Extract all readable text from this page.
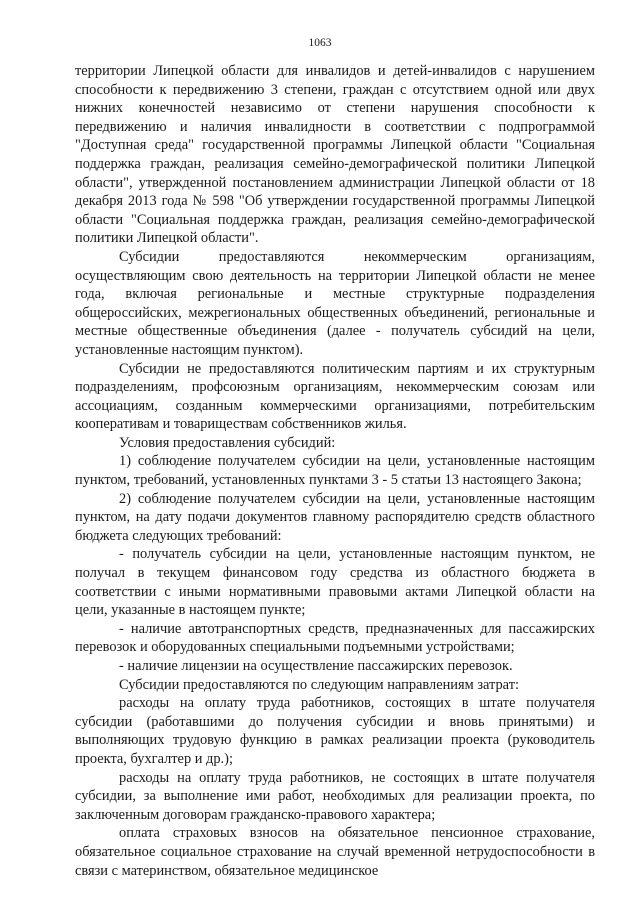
1063

территории Липецкой области для инвалидов и детей-инвалидов с нарушением способности к передвижению 3 степени, граждан с отсутствием одной или двух нижних конечностей независимо от степени нарушения способности к передвижению и наличия инвалидности в соответствии с подпрограммой "Доступная среда" государственной программы Липецкой области "Социальная поддержка граждан, реализация семейно-демографической политики Липецкой области", утвержденной постановлением администрации Липецкой области от 18 декабря 2013 года № 598 "Об утверждении государственной программы Липецкой области "Социальная поддержка граждан, реализация семейно-демографической политики Липецкой области".

Субсидии предоставляются некоммерческим организациям, осуществляющим свою деятельность на территории Липецкой области не менее года, включая региональные и местные структурные подразделения общероссийских, межрегиональных общественных объединений, региональные и местные общественные объединения (далее - получатель субсидий на цели, установленные настоящим пунктом).

Субсидии не предоставляются политическим партиям и их структурным подразделениям, профсоюзным организациям, некоммерческим союзам или ассоциациям, созданным коммерческими организациями, потребительским кооперативам и товариществам собственников жилья.

Условия предоставления субсидий:

1) соблюдение получателем субсидии на цели, установленные настоящим пунктом, требований, установленных пунктами 3 - 5 статьи 13 настоящего Закона;

2) соблюдение получателем субсидии на цели, установленные настоящим пунктом, на дату подачи документов главному распорядителю средств областного бюджета следующих требований:

- получатель субсидии на цели, установленные настоящим пунктом, не получал в текущем финансовом году средства из областного бюджета в соответствии с иными нормативными правовыми актами Липецкой области на цели, указанные в настоящем пункте;

- наличие автотранспортных средств, предназначенных для пассажирских перевозок и оборудованных специальными подъемными устройствами;

- наличие лицензии на осуществление пассажирских перевозок.

Субсидии предоставляются по следующим направлениям затрат:

расходы на оплату труда работников, состоящих в штате получателя субсидии (работавшими до получения субсидии и вновь принятыми) и выполняющих трудовую функцию в рамках реализации проекта (руководитель проекта, бухгалтер и др.);

расходы на оплату труда работников, не состоящих в штате получателя субсидии, за выполнение ими работ, необходимых для реализации проекта, по заключенным договорам гражданско-правового характера;

оплата страховых взносов на обязательное пенсионное страхование, обязательное социальное страхование на случай временной нетрудоспособности в связи с материнством, обязательное медицинское
